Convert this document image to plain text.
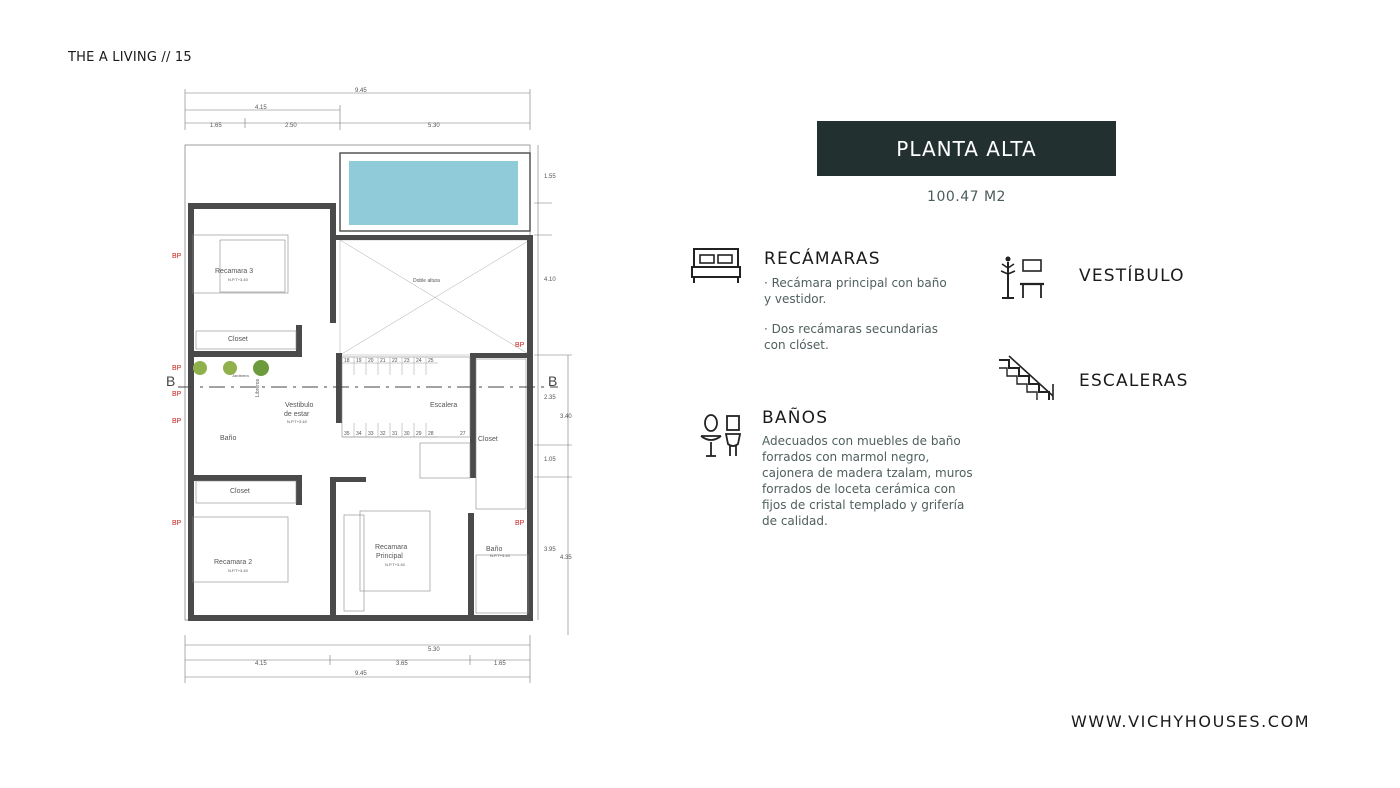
THE A LIVING // 15
9.45
4.15
1.65	2.50	5.30
Doble altura
18 19 20 21 22 23 24 25
35 34 33 32 31 30 29 28	27
B	B
Recamara 3
Closet
Baño
Closet
Recamara 2
Vestibulo
de estar
Escalera
Closet
Recamara
Principal
Baño
Libreros
Jardinera
N.P.T+3.40
N.P.T+3.40
N.P.T+3.40
N.P.T+3.40
N.P.T+3.40
BP
BP
BP
BP
BP
BP
BP
1.55
4.10
2.35
3.40
1.05
3.95
4.35
5.30
4.15	3.65	1.65
9.45
PLANTA ALTA
100.47 M2
RECÁMARAS
· Recámara principal con baño
y vestidor.
· Dos recámaras secundarias
con clóset.
VESTÍBULO
ESCALERAS
BAÑOS
Adecuados con muebles de baño
forrados con marmol negro,
cajonera de madera tzalam, muros
forrados de loceta cerámica con
fijos de cristal templado y grifería
de calidad.
WWW.VICHYHOUSES.COM
